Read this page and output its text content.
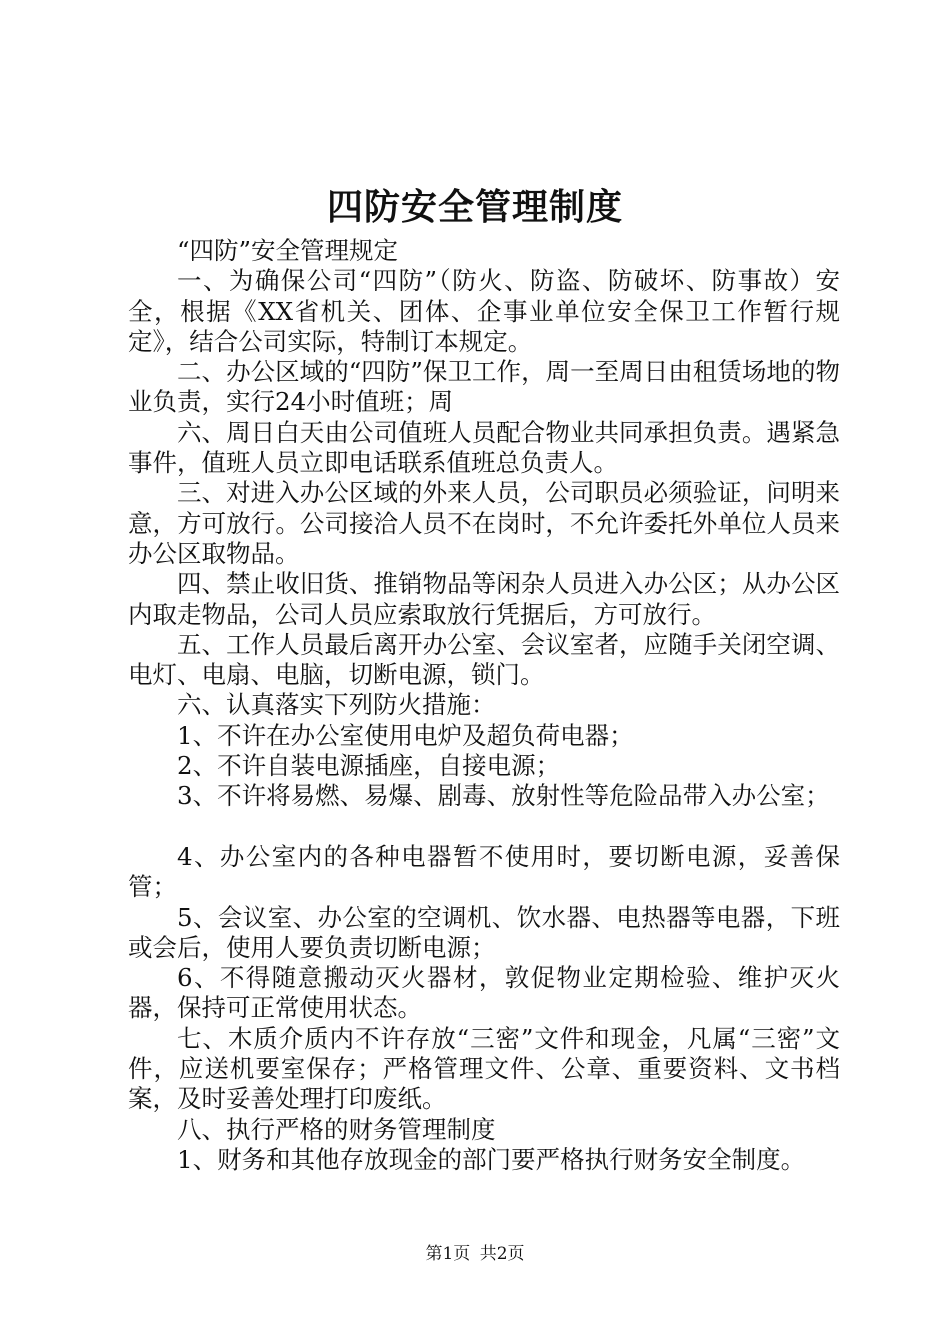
四防安全管理制度

“四防”安全管理规定

一、为确保公司“四防”（防火、防盗、防破坏、防事故）安全，根据《XX省机关、团体、企事业单位安全保卫工作暂行规定》，结合公司实际，特制订本规定。

二、办公区域的“四防”保卫工作，周一至周日由租赁场地的物业负责，实行24小时值班；周

六、周日白天由公司值班人员配合物业共同承担负责。遇紧急事件，值班人员立即电话联系值班总负责人。

三、对进入办公区域的外来人员，公司职员必须验证，问明来意，方可放行。公司接洽人员不在岗时，不允许委托外单位人员来办公区取物品。

四、禁止收旧货、推销物品等闲杂人员进入办公区；从办公区内取走物品，公司人员应索取放行凭据后，方可放行。

五、工作人员最后离开办公室、会议室者，应随手关闭空调、电灯、电扇、电脑，切断电源，锁门。

六、认真落实下列防火措施：

1、不许在办公室使用电炉及超负荷电器；

2、不许自装电源插座，自接电源；

3、不许将易燃、易爆、剧毒、放射性等危险品带入办公室；

4、办公室内的各种电器暂不使用时，要切断电源，妥善保管；

5、会议室、办公室的空调机、饮水器、电热器等电器，下班或会后，使用人要负责切断电源；

6、不得随意搬动灭火器材，敦促物业定期检验、维护灭火器，保持可正常使用状态。

七、木质介质内不许存放“三密”文件和现金，凡属“三密”文件，应送机要室保存；严格管理文件、公章、重要资料、文书档案，及时妥善处理打印废纸。

八、执行严格的财务管理制度

1、财务和其他存放现金的部门要严格执行财务安全制度。

第1页 共2页
